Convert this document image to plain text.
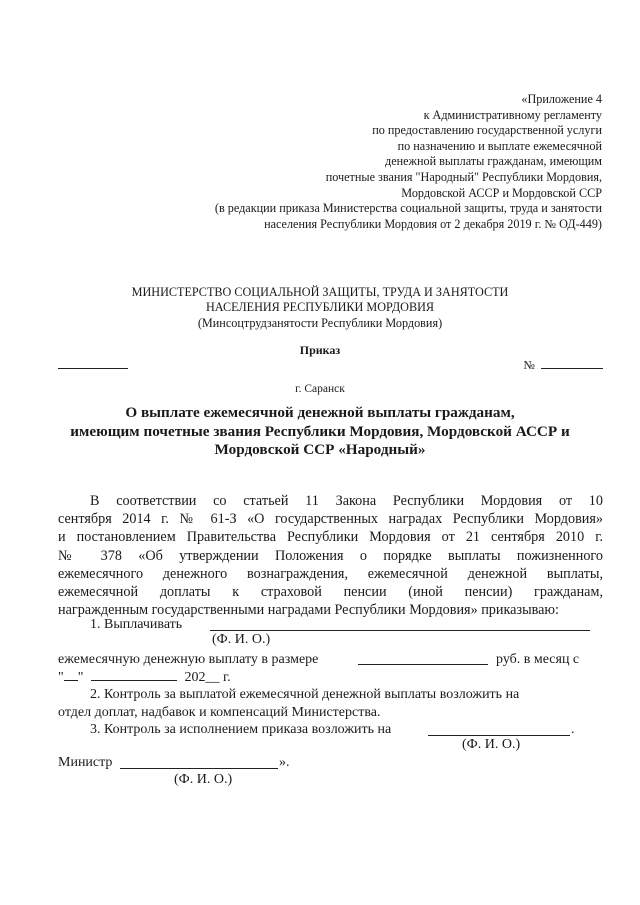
«Приложение 4
к Административному регламенту
по предоставлению государственной услуги
по назначению и выплате ежемесячной
денежной выплаты гражданам, имеющим
почетные звания "Народный" Республики Мордовия,
Мордовской АССР и Мордовской ССР
(в редакции приказа Министерства социальной защиты, труда и занятости
населения Республики Мордовия от 2 декабря 2019 г. № ОД-449)
МИНИСТЕРСТВО СОЦИАЛЬНОЙ ЗАЩИТЫ, ТРУДА И ЗАНЯТОСТИ
НАСЕЛЕНИЯ РЕСПУБЛИКИ МОРДОВИЯ
(Минсоцтрудзанятости Республики Мордовия)
Приказ
№
г. Саранск
О выплате ежемесячной денежной выплаты гражданам,
имеющим почетные звания Республики Мордовия, Мордовской АССР и
Мордовской ССР «Народный»
В соответствии со статьей 11 Закона Республики Мордовия от 10
сентября 2014 г. № 61-З «О государственных наградах Республики Мордовия»
и постановлением Правительства Республики Мордовия от 21 сентября 2010 г.
№ 378 «Об утверждении Положения о порядке выплаты пожизненного
ежемесячного денежного вознаграждения, ежемесячной денежной выплаты,
ежемесячной доплаты к страховой пенсии (иной пенсии) гражданам,
награжденным государственными наградами Республики Мордовия» приказываю:
1. Выплачивать
(Ф. И. О.)
ежемесячную денежную выплату в размере	руб. в месяц с
" "	202__ г.
2. Контроль за выплатой ежемесячной денежной выплаты возложить на
отдел доплат, надбавок и компенсаций Министерства.
3. Контроль за исполнением приказа возложить на	.
(Ф. И. О.)
Министр	».
(Ф. И. О.)
